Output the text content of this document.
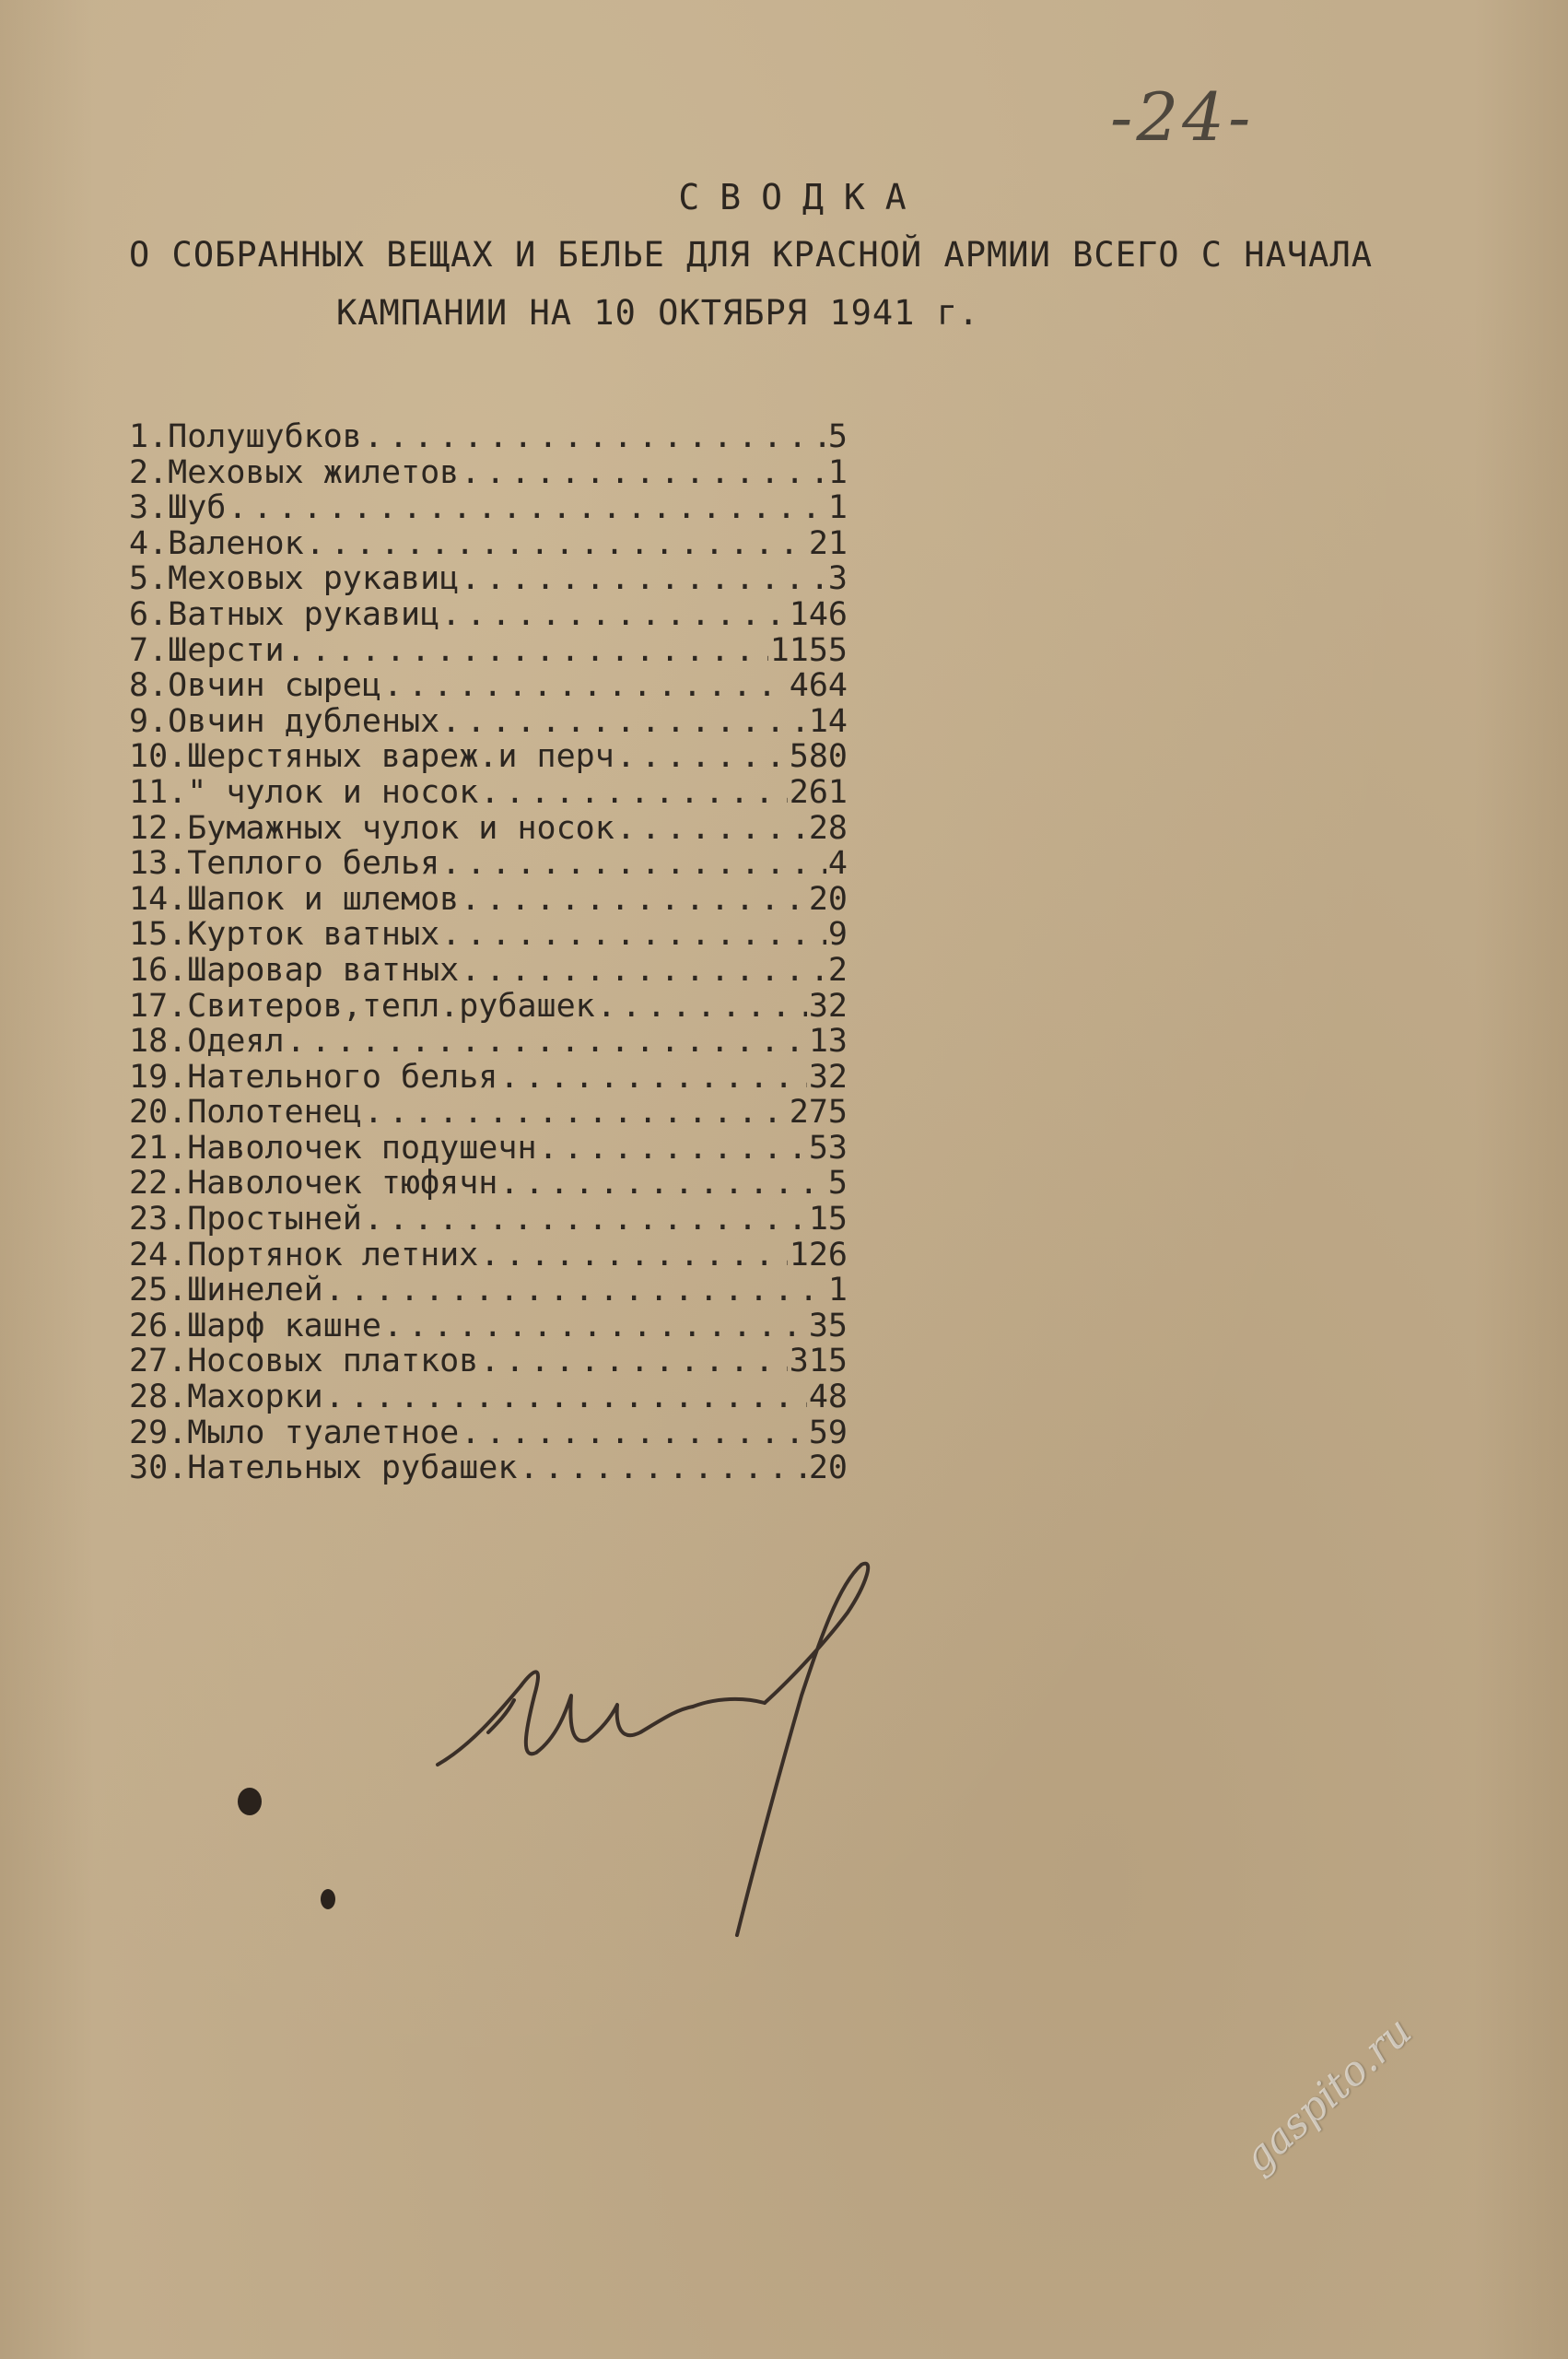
-24-
СВОДКА
О СОБРАННЫХ ВЕЩАХ И БЕЛЬЕ ДЛЯ КРАСНОЙ АРМИИ ВСЕГО С НАЧАЛА
КАМПАНИИ НА 10 ОКТЯБРЯ 1941 г.
1. Полушубков .....	5
2. Меховых жилетов .....	1
3. Шуб .....	1
4. Валенок .....	21
5. Меховых рукавиц .....	3
6. Ватных рукавиц .....	146
7. Шерсти .....	1155
8. Овчин сырец .....	464
9. Овчин дубленых .....	14
10. Шерстяных вареж.и перч .....	580
11. " чулок и носок .....	261
12. Бумажных чулок и носок .....	28
13. Теплого белья .....	4
14. Шапок и шлемов .....	20
15. Курток ватных .....	9
16. Шаровар ватных .....	2
17. Свитеров,тепл.рубашек .....	32
18. Одеял .....	13
19. Нательного белья .....	32
20. Полотенец .....	275
21. Наволочек подушечн .....	53
22. Наволочек тюфячн .....	5
23. Простыней .....	15
24. Портянок летних .....	126
25. Шинелей .....	1
26. Шарф кашне .....	35
27. Носовых платков .....	315
28. Махорки .....	48
29. Мыло туалетное .....	59
30. Нательных рубашек .....	20
gaspito.ru
